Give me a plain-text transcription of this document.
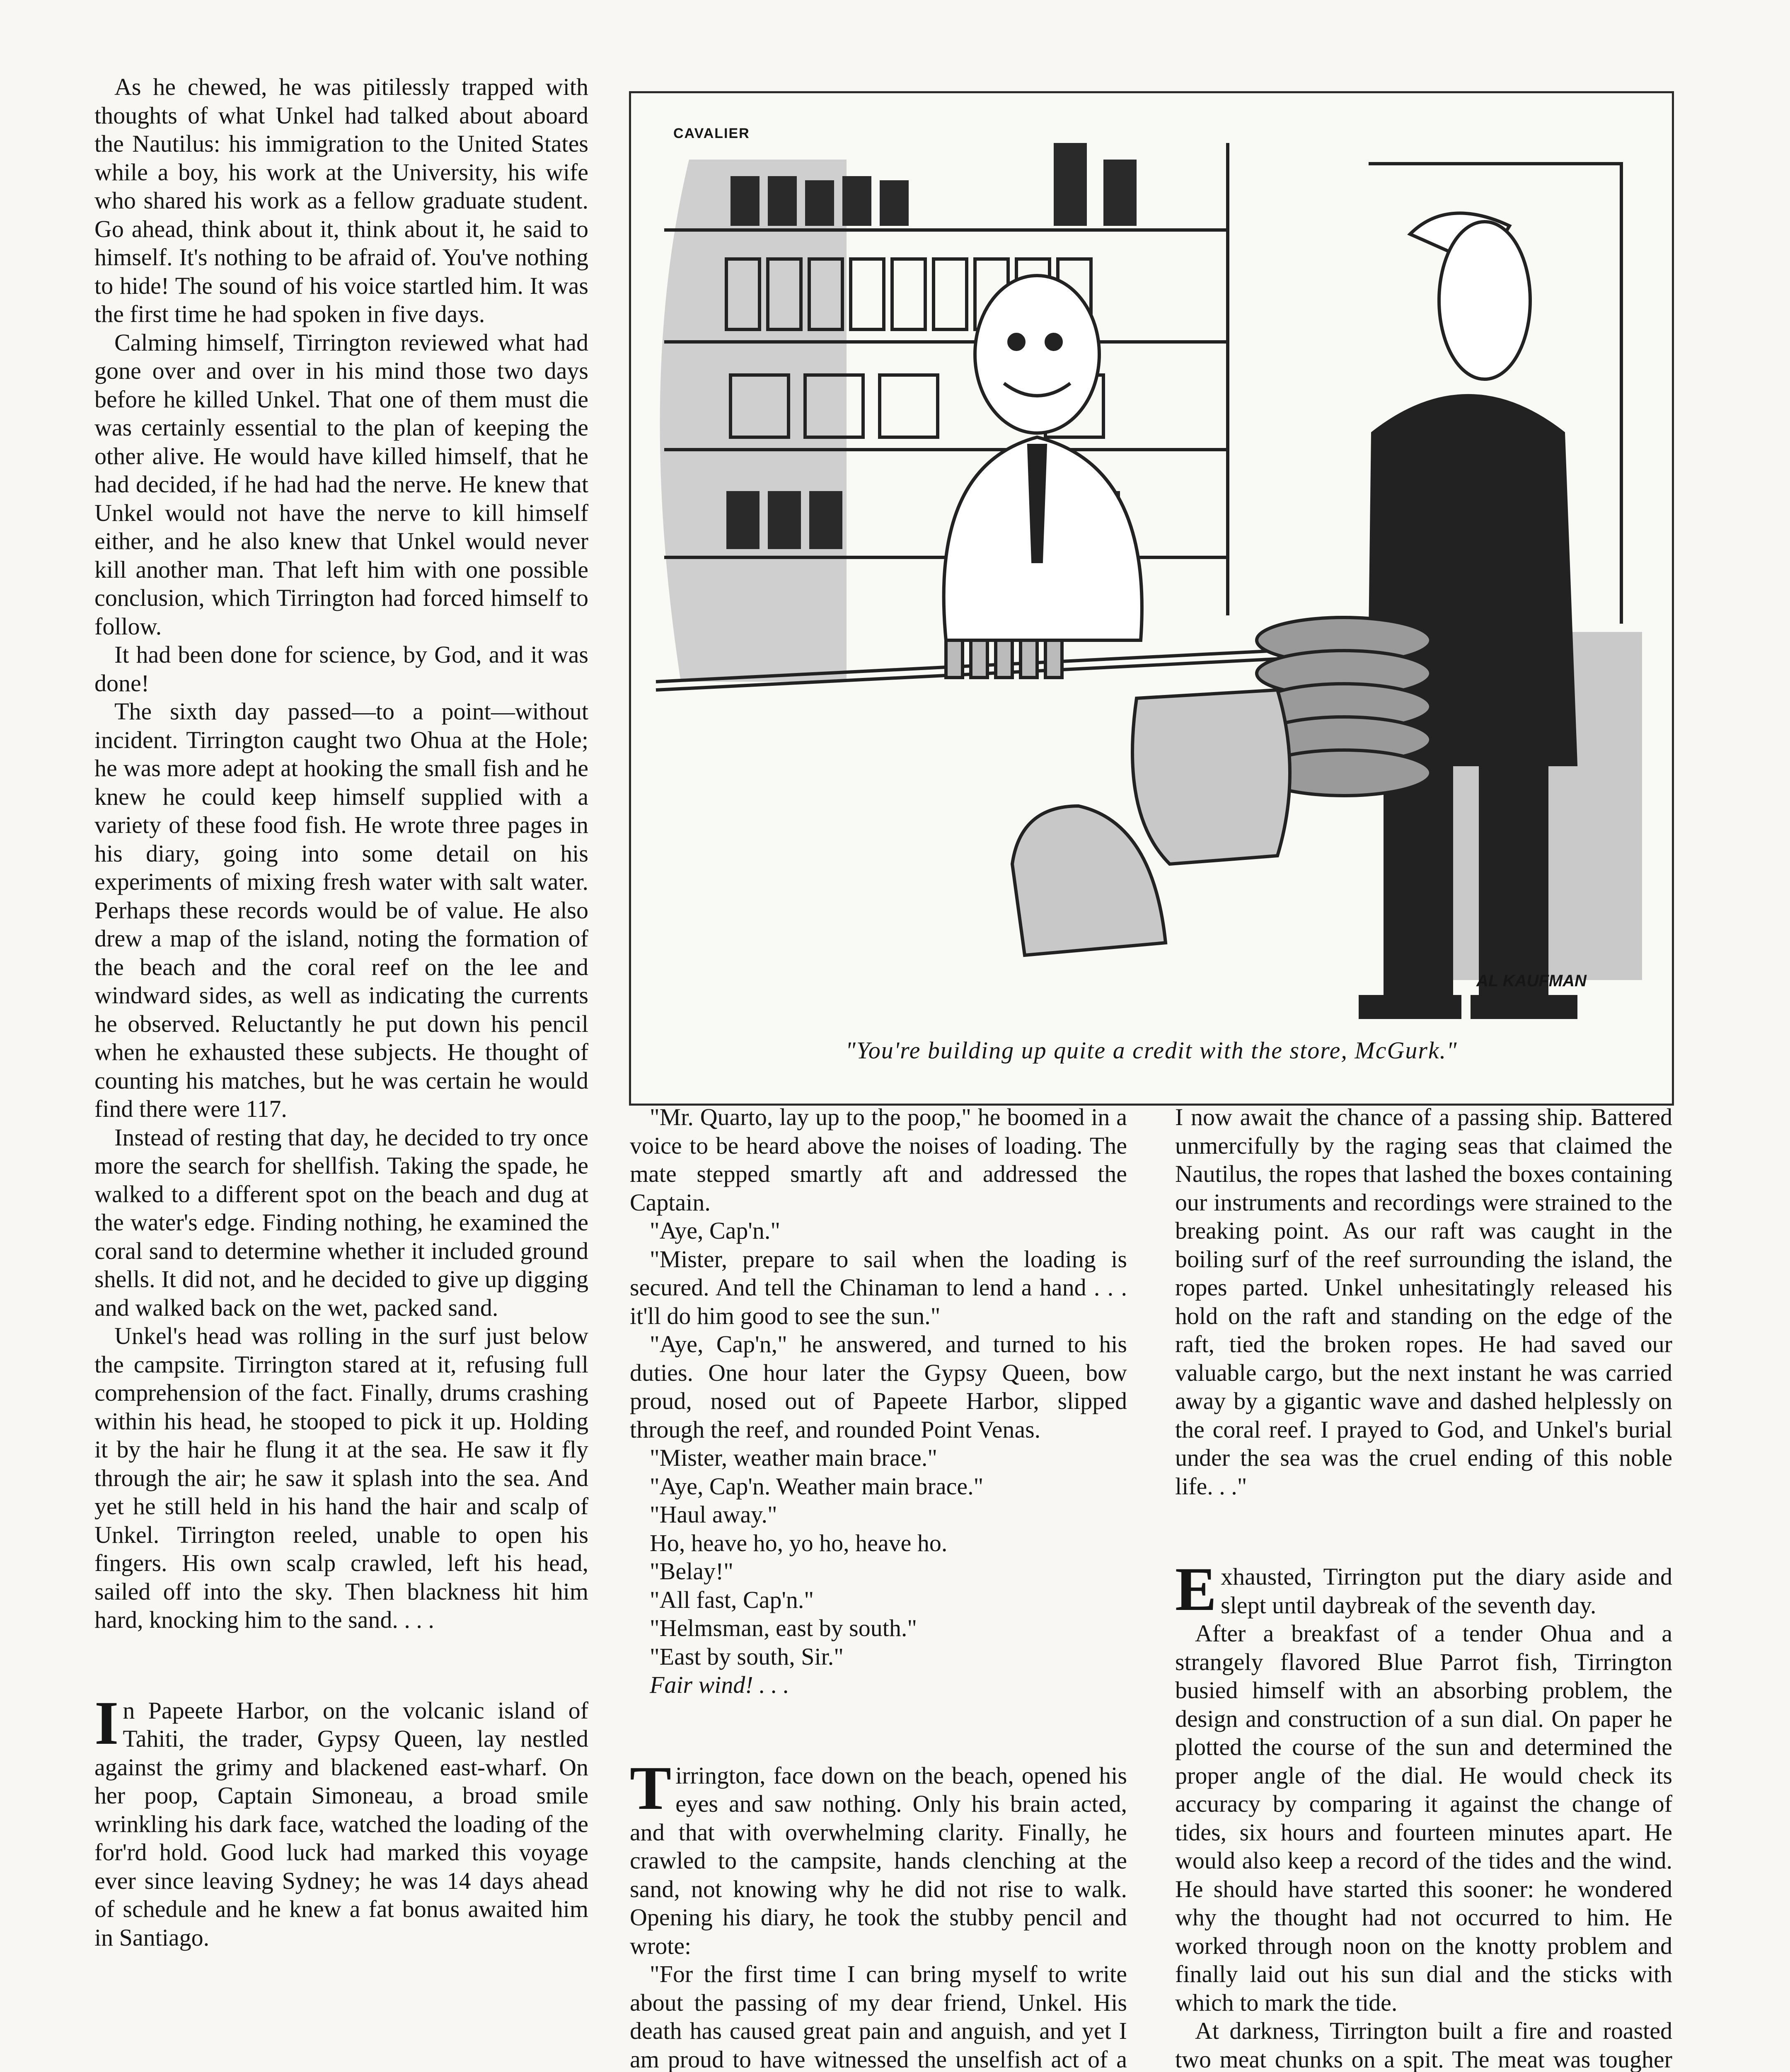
As he chewed, he was pitilessly trapped with thoughts of what Unkel had talked about aboard the Nautilus: his immigration to the United States while a boy, his work at the University, his wife who shared his work as a fellow graduate student. Go ahead, think about it, think about it, he said to himself. It's nothing to be afraid of. You've nothing to hide! The sound of his voice startled him. It was the first time he had spoken in five days.

Calming himself, Tirrington reviewed what had gone over and over in his mind those two days before he killed Unkel. That one of them must die was certainly essential to the plan of keeping the other alive. He would have killed himself, that he had decided, if he had had the nerve. He knew that Unkel would not have the nerve to kill himself either, and he also knew that Unkel would never kill another man. That left him with one possible conclusion, which Tirrington had forced himself to follow.

It had been done for science, by God, and it was done!

The sixth day passed—to a point—without incident. Tirrington caught two Ohua at the Hole; he was more adept at hooking the small fish and he knew he could keep himself supplied with a variety of these food fish. He wrote three pages in his diary, going into some detail on his experiments of mixing fresh water with salt water. Perhaps these records would be of value. He also drew a map of the island, noting the formation of the beach and the coral reef on the lee and windward sides, as well as indicating the currents he observed. Reluctantly he put down his pencil when he exhausted these subjects. He thought of counting his matches, but he was certain he would find there were 117.

Instead of resting that day, he decided to try once more the search for shellfish. Taking the spade, he walked to a different spot on the beach and dug at the water's edge. Finding nothing, he examined the coral sand to determine whether it included ground shells. It did not, and he decided to give up digging and walked back on the wet, packed sand.

Unkel's head was rolling in the surf just below the campsite. Tirrington stared at it, refusing full comprehension of the fact. Finally, drums crashing within his head, he stooped to pick it up. Holding it by the hair he flung it at the sea. He saw it fly through the air; he saw it splash into the sea. And yet he still held in his hand the hair and scalp of Unkel. Tirrington reeled, unable to open his fingers. His own scalp crawled, left his head, sailed off into the sky. Then blackness hit him hard, knocking him to the sand. . . .

In Papeete Harbor, on the volcanic island of Tahiti, the trader, Gypsy Queen, lay nestled against the grimy and blackened east-wharf. On her poop, Captain Simoneau, a broad smile wrinkling his dark face, watched the loading of the for'rd hold. Good luck had marked this voyage ever since leaving Sydney; he was 14 days ahead of schedule and he knew a fat bonus awaited him in Santiago.

CAVALIER
AL KAUFMAN
"You're building up quite a credit with the store, McGurk."

"Mr. Quarto, lay up to the poop," he boomed in a voice to be heard above the noises of loading. The mate stepped smartly aft and addressed the Captain.

"Aye, Cap'n."

"Mister, prepare to sail when the loading is secured. And tell the Chinaman to lend a hand . . . it'll do him good to see the sun."

"Aye, Cap'n," he answered, and turned to his duties. One hour later the Gypsy Queen, bow proud, nosed out of Papeete Harbor, slipped through the reef, and rounded Point Venas.

"Mister, weather main brace."

"Aye, Cap'n. Weather main brace."

"Haul away."

Ho, heave ho, yo ho, heave ho.

"Belay!"

"All fast, Cap'n."

"Helmsman, east by south."

"East by south, Sir."

Fair wind! . . .

Tirrington, face down on the beach, opened his eyes and saw nothing. Only his brain acted, and that with overwhelming clarity. Finally, he crawled to the campsite, hands clenching at the sand, not knowing why he did not rise to walk. Opening his diary, he took the stubby pencil and wrote:

"For the first time I can bring myself to write about the passing of my dear friend, Unkel. His death has caused great pain and anguish, and yet I am proud to have witnessed the unselfish act of a

I now await the chance of a passing ship. Battered unmercifully by the raging seas that claimed the Nautilus, the ropes that lashed the boxes containing our instruments and recordings were strained to the breaking point. As our raft was caught in the boiling surf of the reef surrounding the island, the ropes parted. Unkel unhesitatingly released his hold on the raft and standing on the edge of the raft, tied the broken ropes. He had saved our valuable cargo, but the next instant he was carried away by a gigantic wave and dashed helplessly on the coral reef. I prayed to God, and Unkel's burial under the sea was the cruel ending of this noble life. . ."

Exhausted, Tirrington put the diary aside and slept until daybreak of the seventh day.

After a breakfast of a tender Ohua and a strangely flavored Blue Parrot fish, Tirrington busied himself with an absorbing problem, the design and construction of a sun dial. On paper he plotted the course of the sun and determined the proper angle of the dial. He would check its accuracy by comparing it against the change of tides, six hours and fourteen minutes apart. He would also keep a record of the tides and the wind. He should have started this sooner: he wondered why the thought had not occurred to him. He worked through noon on the knotty problem and finally laid out his sun dial and the sticks with which to mark the tide.

At darkness, Tirrington built a fire and roasted two meat chunks on a spit. The meat was tougher
